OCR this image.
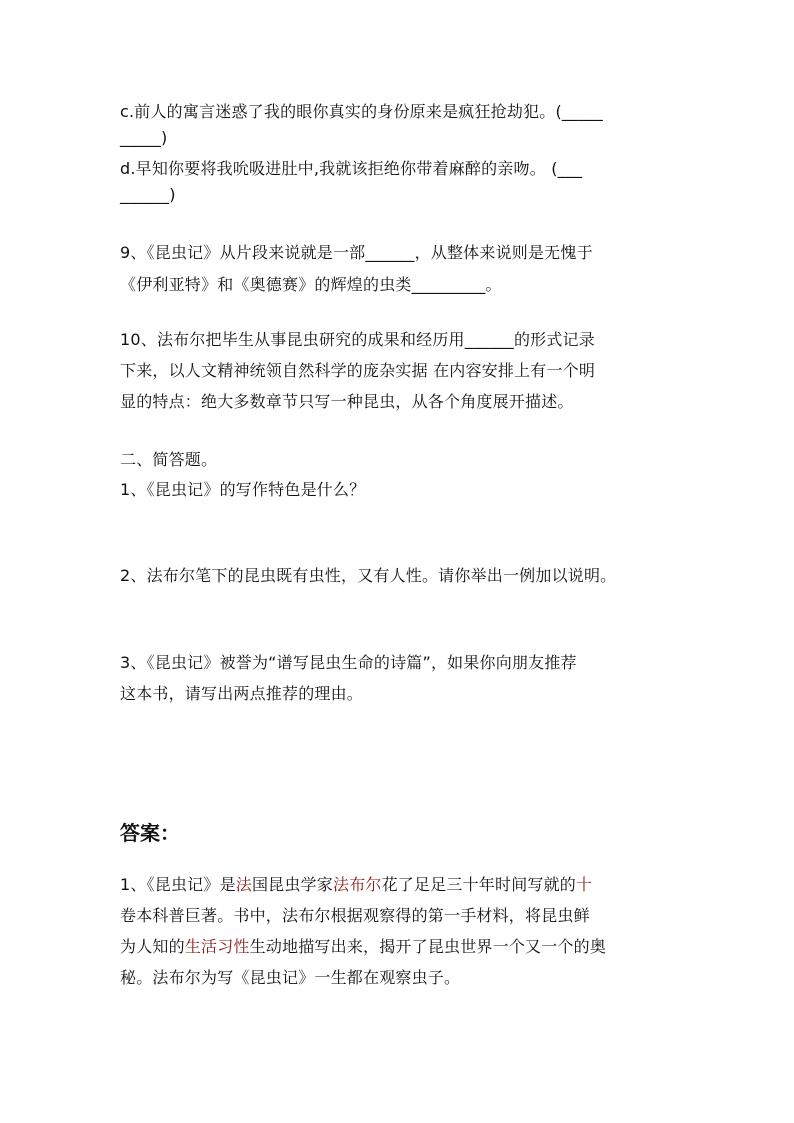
c.前人的寓言迷惑了我的眼你真实的身份原来是疯狂抢劫犯。(_____
_____)
d.早知你要将我吮吸进肚中,我就该拒绝你带着麻醉的亲吻。 (___
______)
9、《昆虫记》从片段来说就是一部______，从整体来说则是无愧于
《伊利亚特》和《奥德赛》的辉煌的虫类_________。
10、法布尔把毕生从事昆虫研究的成果和经历用______的形式记录
下来，以人文精神统领自然科学的庞杂实据 在内容安排上有一个明
显的特点：绝大多数章节只写一种昆虫，从各个角度展开描述。
二、简答题。
1、《昆虫记》的写作特色是什么？
2、法布尔笔下的昆虫既有虫性，又有人性。请你举出一例加以说明。
3、《昆虫记》被誉为“谱写昆虫生命的诗篇”，如果你向朋友推荐
这本书，请写出两点推荐的理由。
答案：
1、《昆虫记》是法国昆虫学家法布尔花了足足三十年时间写就的十
卷本科普巨著。书中，法布尔根据观察得的第一手材料，将昆虫鲜
为人知的生活习性生动地描写出来，揭开了昆虫世界一个又一个的奥
秘。法布尔为写《昆虫记》一生都在观察虫子。
